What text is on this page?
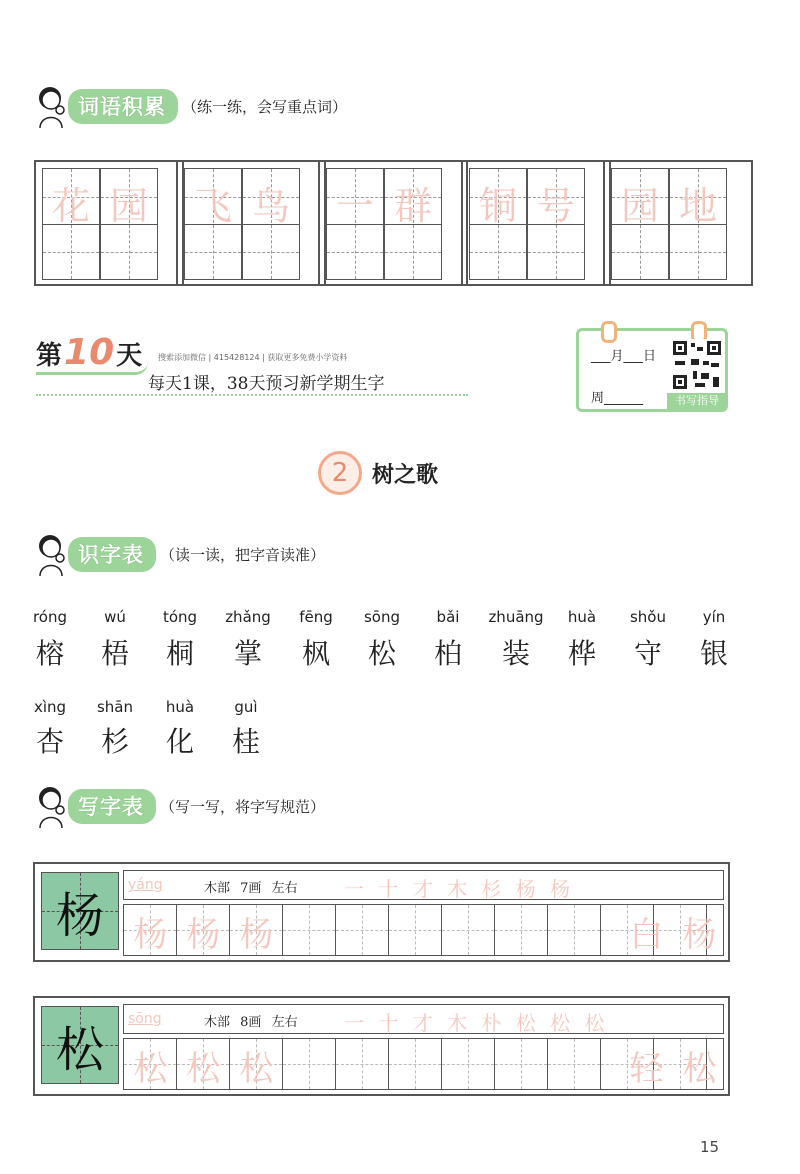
词语积累	（练一练，会写重点词）
花 园 飞 鸟 一 群 铜 号 园 地
第 10 天 搜索添加微信 | 415428124 | 获取更多免费小学资料
每天1课，38天预习新学期生字
___月___日
周______	书写指导
2	树之歌
识字表	（读一读，把字音读准）
róng
榕
wú
梧
tóng
桐
zhǎng
掌
fēng
枫
sōng
松
bǎi
柏
zhuāng
装
huà
桦
shǒu
守
yín
银
xìng
杏
shān
杉
huà
化
guì
桂
写字表	（写一写，将字写规范）
杨
yáng	木部 7画 左右 一 十 才 木 杉 杨 杨
杨 杨 杨	白 杨
松
sōng	木部 8画 左右 一 十 才 木 朴 松 松 松
松 松 松	轻 松
15
